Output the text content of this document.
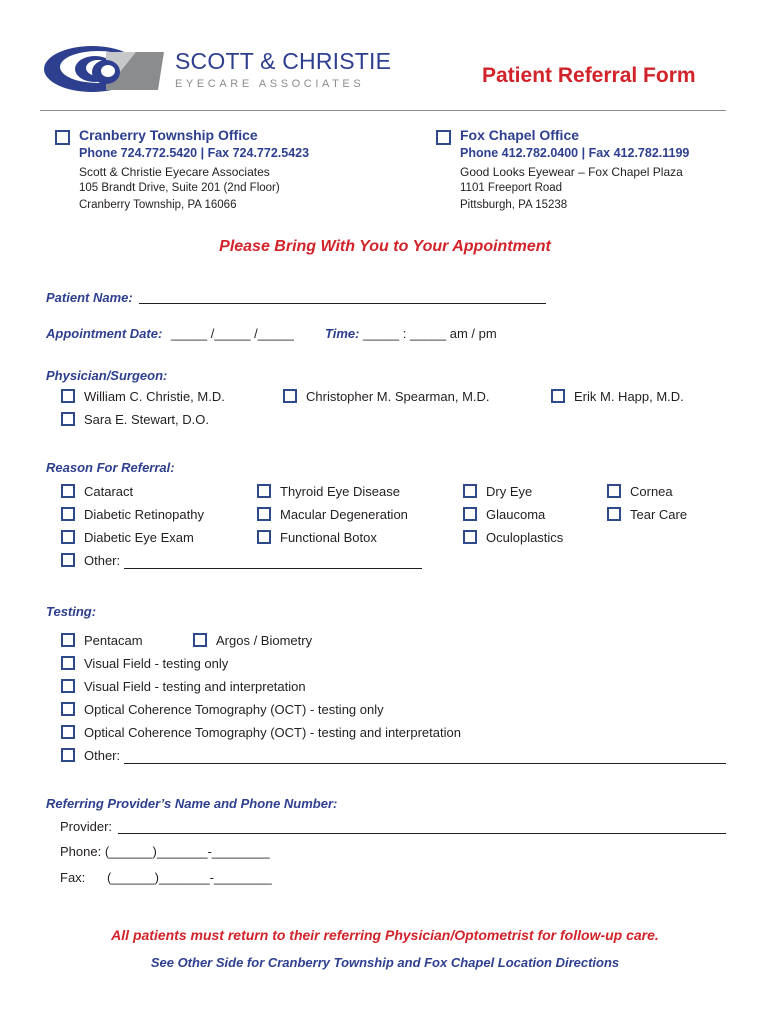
SCOTT & CHRISTIE
EYECARE ASSOCIATES	Patient Referral Form
Cranberry Township Office
Phone 724.772.5420 | Fax 724.772.5423
Scott & Christie Eyecare Associates
105 Brandt Drive, Suite 201 (2nd Floor)
Cranberry Township, PA 16066
Fox Chapel Office
Phone 412.782.0400 | Fax 412.782.1199
Good Looks Eyewear – Fox Chapel Plaza
1101 Freeport Road
Pittsburgh, PA 15238
Please Bring With You to Your Appointment
Patient Name:
Appointment Date: _____ /_____ /_____ Time: _____ : _____ am / pm
Physician/Surgeon:
William C. Christie, M.D.	Christopher M. Spearman, M.D.	Erik M. Happ, M.D.
Sara E. Stewart, D.O.
Reason For Referral:
Cataract	Thyroid Eye Disease	Dry Eye	Cornea
Diabetic Retinopathy	Macular Degeneration	Glaucoma	Tear Care
Diabetic Eye Exam	Functional Botox	Oculoplastics
Other:
Testing:
Pentacam	Argos / Biometry
Visual Field - testing only
Visual Field - testing and interpretation
Optical Coherence Tomography (OCT) - testing only
Optical Coherence Tomography (OCT) - testing and interpretation
Other:
Referring Provider’s Name and Phone Number:
Provider:
Phone: (______)_______-________
Fax:      (______)_______-________
All patients must return to their referring Physician/Optometrist for follow-up care.
See Other Side for Cranberry Township and Fox Chapel Location Directions
